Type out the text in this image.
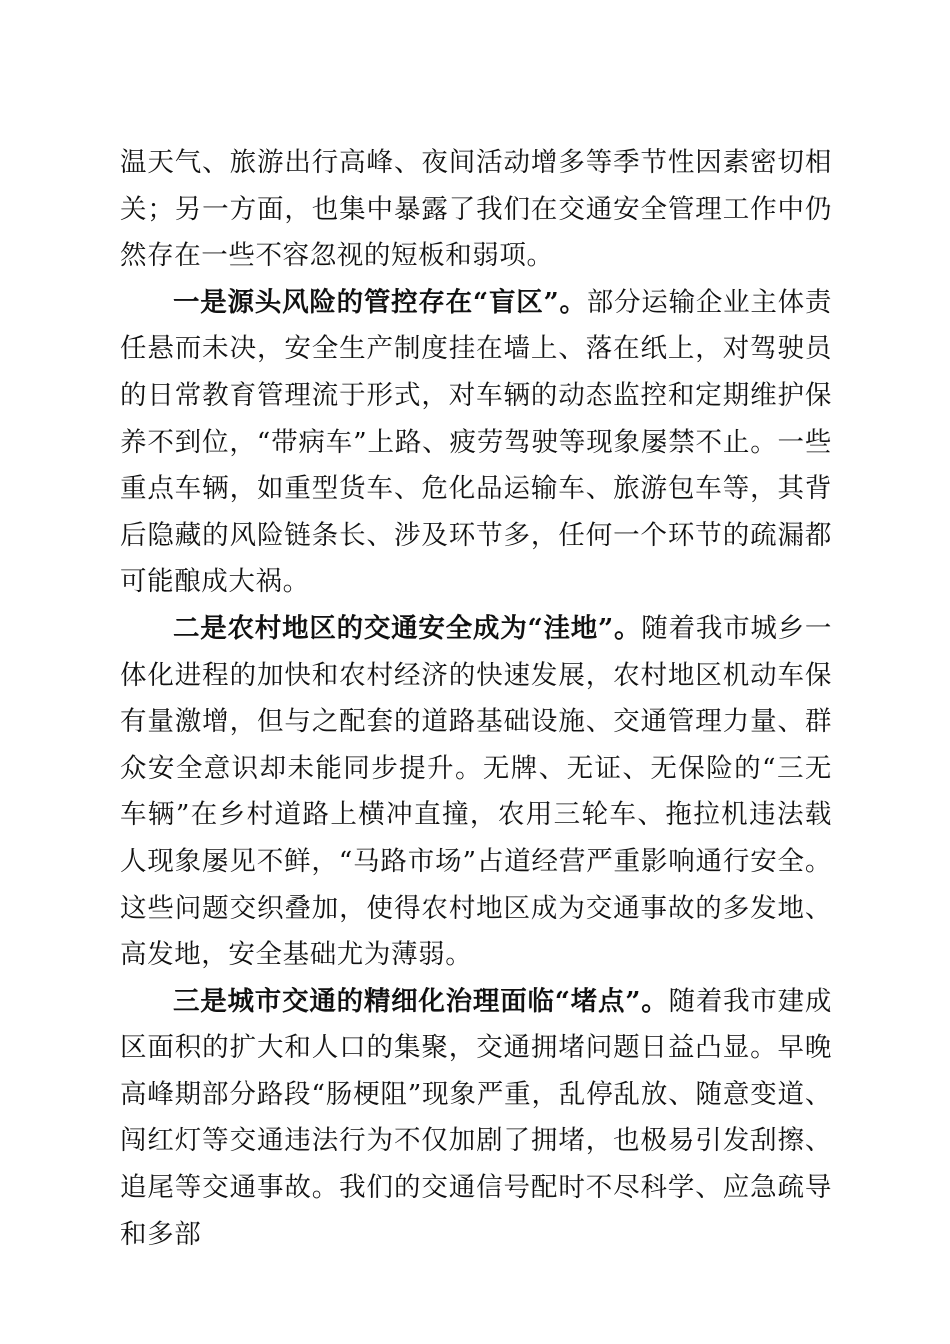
温天气、旅游出行高峰、夜间活动增多等季节性因素密切相关；另一方面，也集中暴露了我们在交通安全管理工作中仍然存在一些不容忽视的短板和弱项。

一是源头风险的管控存在“盲区”。部分运输企业主体责任悬而未决，安全生产制度挂在墙上、落在纸上，对驾驶员的日常教育管理流于形式，对车辆的动态监控和定期维护保养不到位，“带病车”上路、疲劳驾驶等现象屡禁不止。一些重点车辆，如重型货车、危化品运输车、旅游包车等，其背后隐藏的风险链条长、涉及环节多，任何一个环节的疏漏都可能酿成大祸。

二是农村地区的交通安全成为“洼地”。随着我市城乡一体化进程的加快和农村经济的快速发展，农村地区机动车保有量激增，但与之配套的道路基础设施、交通管理力量、群众安全意识却未能同步提升。无牌、无证、无保险的“三无车辆”在乡村道路上横冲直撞，农用三轮车、拖拉机违法载人现象屡见不鲜，“马路市场”占道经营严重影响通行安全。这些问题交织叠加，使得农村地区成为交通事故的多发地、高发地，安全基础尤为薄弱。

三是城市交通的精细化治理面临“堵点”。随着我市建成区面积的扩大和人口的集聚，交通拥堵问题日益凸显。早晚高峰期部分路段“肠梗阻”现象严重，乱停乱放、随意变道、闯红灯等交通违法行为不仅加剧了拥堵，也极易引发刮擦、追尾等交通事故。我们的交通信号配时不尽科学、应急疏导和多部
